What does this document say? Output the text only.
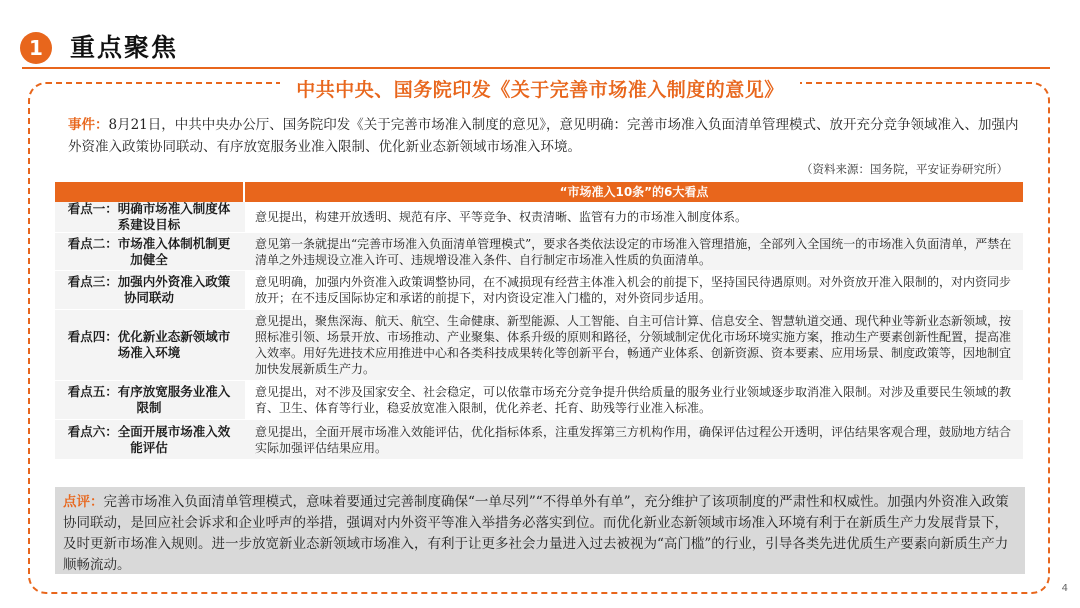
1	重点聚焦
中共中央、国务院印发《关于完善市场准入制度的意见》
事件：8月21日，中共中央办公厅、国务院印发《关于完善市场准入制度的意见》，意见明确：完善市场准入负面清单管理模式、放开充分竞争领域准入、加强内外资准入政策协同联动、有序放宽服务业准入限制、优化新业态新领域市场准入环境。
（资料来源：国务院，平安证券研究所）
“市场准入10条”的6大看点
看点一：明确市场准入制度体系建设目标	意见提出，构建开放透明、规范有序、平等竞争、权责清晰、监管有力的市场准入制度体系。
看点二：市场准入体制机制更加健全
意见第一条就提出“完善市场准入负面清单管理模式”，要求各类依法设定的市场准入管理措施，全部列入全国统一的市场准入负面清单，严禁在清单之外违规设立准入许可、违规增设准入条件、自行制定市场准入性质的负面清单。
看点三：加强内外资准入政策协同联动
意见明确，加强内外资准入政策调整协同，在不减损现有经营主体准入机会的前提下，坚持国民待遇原则。对外资放开准入限制的，对内资同步放开；在不违反国际协定和承诺的前提下，对内资设定准入门槛的，对外资同步适用。
看点四：优化新业态新领域市场准入环境
意见提出，聚焦深海、航天、航空、生命健康、新型能源、人工智能、自主可信计算、信息安全、智慧轨道交通、现代种业等新业态新领域，按照标准引领、场景开放、市场推动、产业聚集、体系升级的原则和路径，分领域制定优化市场环境实施方案，推动生产要素创新性配置，提高准入效率。用好先进技术应用推进中心和各类科技成果转化等创新平台，畅通产业体系、创新资源、资本要素、应用场景、制度政策等，因地制宜加快发展新质生产力。
看点五：有序放宽服务业准入限制
意见提出，对不涉及国家安全、社会稳定，可以依靠市场充分竞争提升供给质量的服务业行业领域逐步取消准入限制。对涉及重要民生领域的教育、卫生、体育等行业，稳妥放宽准入限制，优化养老、托育、助残等行业准入标准。
看点六：全面开展市场准入效能评估
意见提出，全面开展市场准入效能评估，优化指标体系，注重发挥第三方机构作用，确保评估过程公开透明，评估结果客观合理，鼓励地方结合实际加强评估结果应用。
点评：完善市场准入负面清单管理模式，意味着要通过完善制度确保“一单尽列”“不得单外有单”，充分维护了该项制度的严肃性和权威性。加强内外资准入政策协同联动，是回应社会诉求和企业呼声的举措，强调对内外资平等准入举措务必落实到位。而优化新业态新领域市场准入环境有利于在新质生产力发展背景下，及时更新市场准入规则。进一步放宽新业态新领域市场准入，有利于让更多社会力量进入过去被视为“高门槛”的行业，引导各类先进优质生产要素向新质生产力顺畅流动。
4
